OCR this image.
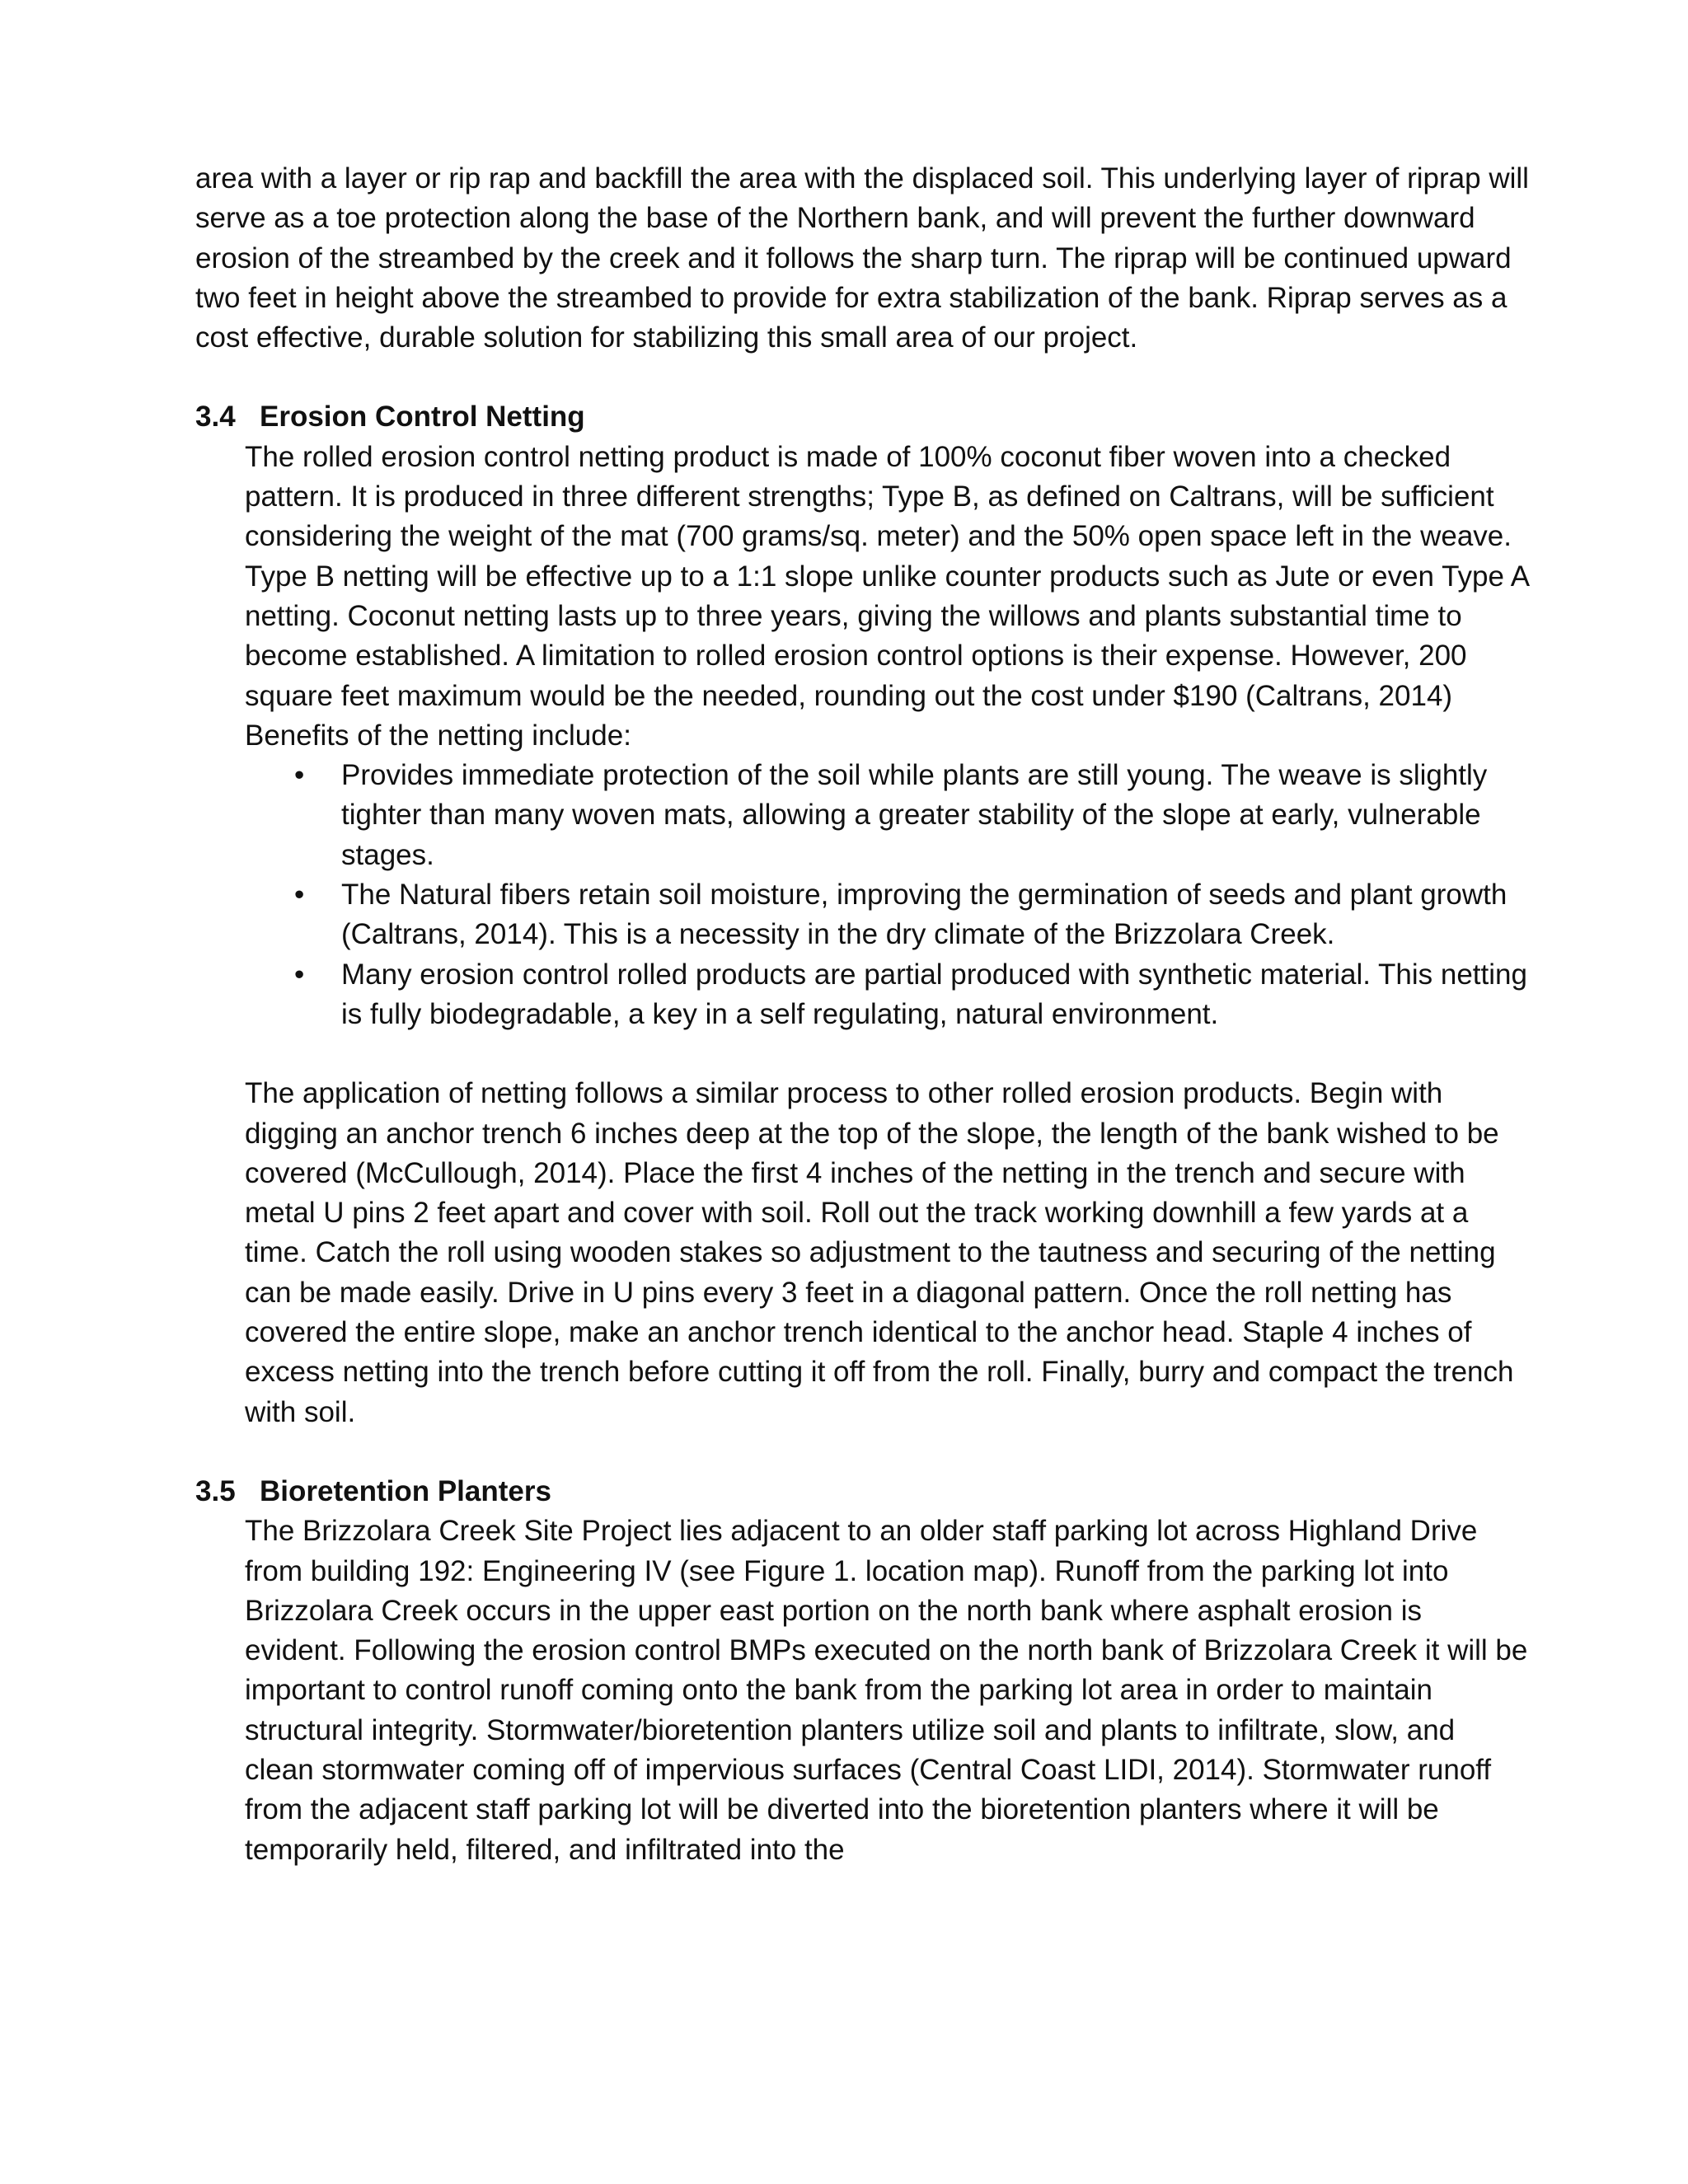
area with a layer or rip rap and backfill the area with the displaced soil. This underlying layer of riprap will serve as a toe protection along the base of the Northern bank, and will prevent the further downward erosion of the streambed by the creek and it follows the sharp turn. The riprap will be continued upward two feet in height above the streambed to provide for extra stabilization of the bank. Riprap serves as a cost effective, durable solution for stabilizing this small area of our project.

3.4 Erosion Control Netting

The rolled erosion control netting product is made of 100% coconut fiber woven into a checked pattern. It is produced in three different strengths; Type B, as defined on Caltrans, will be sufficient considering the weight of the mat (700 grams/sq. meter) and the 50% open space left in the weave. Type B netting will be effective up to a 1:1 slope unlike counter products such as Jute or even Type A netting. Coconut netting lasts up to three years, giving the willows and plants substantial time to become established. A limitation to rolled erosion control options is their expense. However, 200 square feet maximum would be the needed, rounding out the cost under $190 (Caltrans, 2014)

Benefits of the netting include:

• Provides immediate protection of the soil while plants are still young. The weave is slightly tighter than many woven mats, allowing a greater stability of the slope at early, vulnerable stages.
• The Natural fibers retain soil moisture, improving the germination of seeds and plant growth (Caltrans, 2014). This is a necessity in the dry climate of the Brizzolara Creek.
• Many erosion control rolled products are partial produced with synthetic material. This netting is fully biodegradable, a key in a self regulating, natural environment.

The application of netting follows a similar process to other rolled erosion products. Begin with digging an anchor trench 6 inches deep at the top of the slope, the length of the bank wished to be covered (McCullough, 2014). Place the first 4 inches of the netting in the trench and secure with metal U pins 2 feet apart and cover with soil. Roll out the track working downhill a few yards at a time. Catch the roll using wooden stakes so adjustment to the tautness and securing of the netting can be made easily. Drive in U pins every 3 feet in a diagonal pattern. Once the roll netting has covered the entire slope, make an anchor trench identical to the anchor head. Staple 4 inches of excess netting into the trench before cutting it off from the roll. Finally, burry and compact the trench with soil.

3.5 Bioretention Planters

The Brizzolara Creek Site Project lies adjacent to an older staff parking lot across Highland Drive from building 192: Engineering IV (see Figure 1. location map). Runoff from the parking lot into Brizzolara Creek occurs in the upper east portion on the north bank where asphalt erosion is evident. Following the erosion control BMPs executed on the north bank of Brizzolara Creek it will be important to control runoff coming onto the bank from the parking lot area in order to maintain structural integrity. Stormwater/bioretention planters utilize soil and plants to infiltrate, slow, and clean stormwater coming off of impervious surfaces (Central Coast LIDI, 2014). Stormwater runoff from the adjacent staff parking lot will be diverted into the bioretention planters where it will be temporarily held, filtered, and infiltrated into the
